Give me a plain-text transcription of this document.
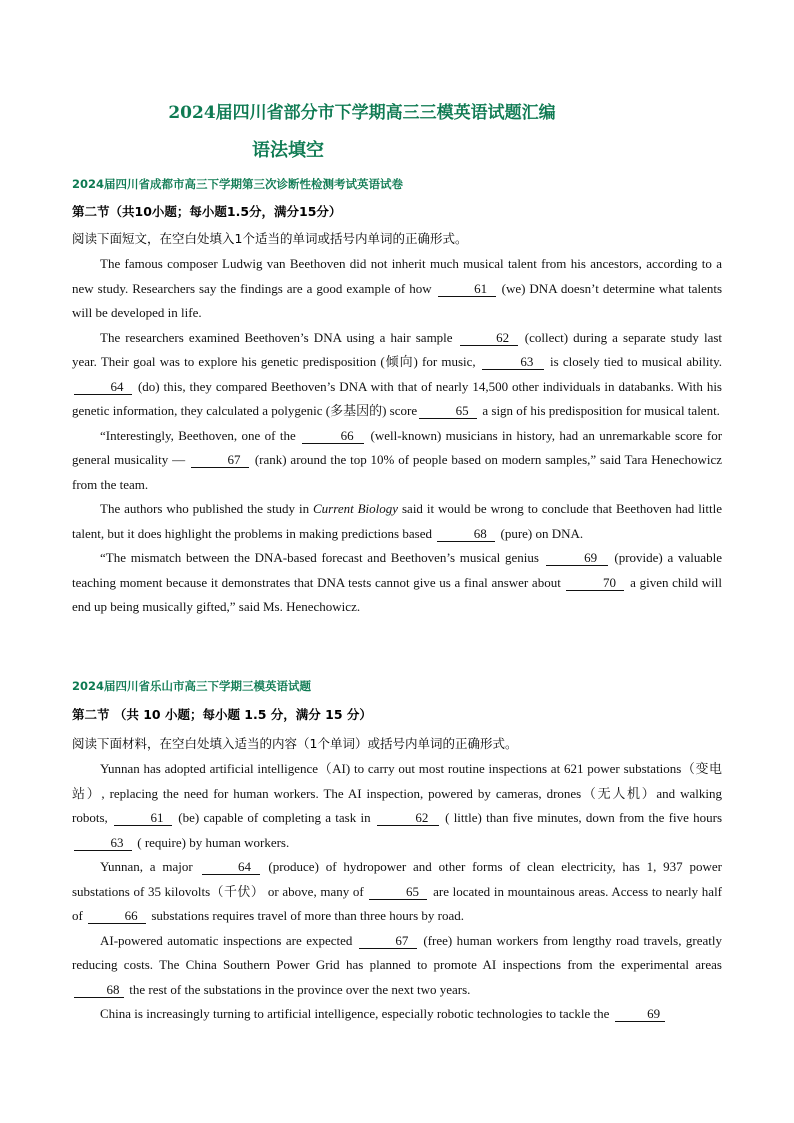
2024届四川省部分市下学期高三三模英语试题汇编
语法填空
2024届四川省成都市高三下学期第三次诊断性检测考试英语试卷
第二节（共10小题；每小题1.5分，满分15分）
阅读下面短文，在空白处填入1个适当的单词或括号内单词的正确形式。

The famous composer Ludwig van Beethoven did not inherit much musical talent from his ancestors, according to a new study. Researchers say the findings are a good example of how	61 (we) DNA doesn’t determine what talents will be developed in life.

The researchers examined Beethoven’s DNA using a hair sample	62 (collect) during a separate study last year. Their goal was to explore his genetic predisposition (倾向) for music,	63 is closely tied to musical ability. 64 (do) this, they compared Beethoven’s DNA with that of nearly 14,500 other individuals in databanks. With his genetic information, they calculated a polygenic (多基因的) score	65 a sign of his predisposition for musical talent.

“Interestingly, Beethoven, one of the	66 (well-known) musicians in history, had an unremarkable score for general musicality —	67 (rank) around the top 10% of people based on modern samples,” said Tara Henechowicz from the team.

The authors who published the study in Current Biology said it would be wrong to conclude that Beethoven had little talent, but it does highlight the problems in making predictions based	68 (pure) on DNA.

“The mismatch between the DNA-based forecast and Beethoven’s musical genius	69 (provide) a valuable teaching moment because it demonstrates that DNA tests cannot give us a final answer about	70 a given child will end up being musically gifted,” said Ms. Henechowicz.

2024届四川省乐山市高三下学期三模英语试题
第二节 （共 10 小题；每小题 1.5 分，满分 15 分）
阅读下面材料，在空白处填入适当的内容（1个单词）或括号内单词的正确形式。

Yunnan has adopted artificial intelligence（AI) to carry out most routine inspections at 621 power substations（变电站）, replacing the need for human workers. The AI inspection, powered by cameras, drones（无人机）and walking robots,	61 (be) capable of completing a task in	62 ( little) than five minutes, down from the five hours 63 ( require) by human workers.

Yunnan, a major	64 (produce) of hydropower and other forms of clean electricity, has 1, 937 power substations of 35 kilovolts（千伏） or above, many of	65 are located in mountainous areas. Access to nearly half of	66 substations requires travel of more than three hours by road.

AI-powered automatic inspections are expected	67 (free) human workers from lengthy road travels, greatly reducing costs. The China Southern Power Grid has planned to promote AI inspections from the experimental areas 68 the rest of the substations in the province over the next two years.

China is increasingly turning to artificial intelligence, especially robotic technologies to tackle the	69
